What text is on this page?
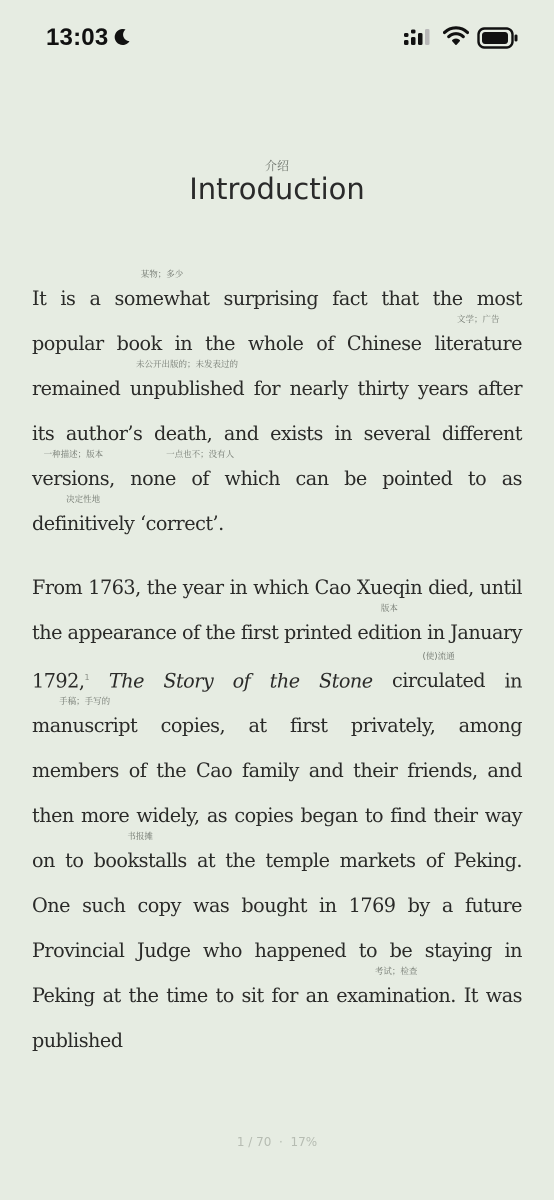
13:03
介绍
Introduction

It is a
某物；多少
somewhat surprising fact that the most popular book in the whole of Chinese
文学；广告
literature remained
未公开出版的；未发表过的
unpublished for nearly thirty years after its author’s death, and exists in several different
一种描述；版本
versions, none
一点也不；没有人
of which can be pointed to as
决定性地
definitively ‘correct’.

From 1763, the year in which Cao Xueqin died, until the appearance of the first printed
版本
edition in January 1792,$^1$ The Story of the Stone
(使)流通
circulated in
手稿；手写的
manuscript copies, at first privately, among members of the Cao family and their friends, and then more widely, as copies began to find their way on to
书报摊
bookstalls at the temple markets of Peking. One such copy was bought in 1769 by a future Provincial Judge who happened to be staying in Peking at the time to sit for an
考试；检查
examination. It was published

1 / 70 · 17%
